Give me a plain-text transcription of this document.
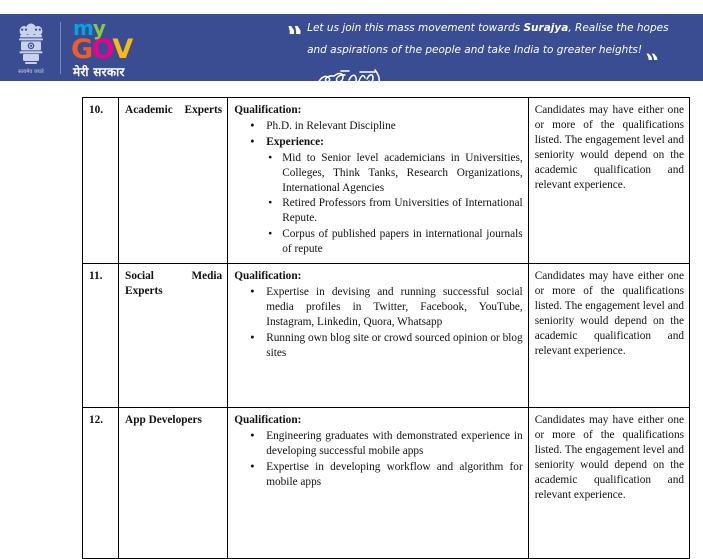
सत्यमेव जयते
my
GOV
मेरी सरकार
“ Let us join this mass movement towards Surajya, Realise the hopes and aspirations of the people and take India to greater heights! ”
10.	Academic Experts	Qualification:
● Ph.D. in Relevant Discipline
● Experience:
● Mid to Senior level academicians in Universities, Colleges, Think Tanks, Research Organizations, International Agencies
● Retired Professors from Universities of International Repute.
● Corpus of published papers in international journals of repute
	Candidates may have either one or more of the qualifications listed. The engagement level and seniority would depend on the academic qualification and relevant experience.
11.	Social Media Experts	
Qualification:
● Expertise in devising and running successful social media profiles in Twitter, Facebook, YouTube, Instagram, Linkedin, Quora, Whatsapp
● Running own blog site or crowd sourced opinion or blog sites
	Candidates may have either one or more of the qualifications listed. The engagement level and seniority would depend on the academic qualification and relevant experience.
12.	App Developers	Qualification:
● Engineering graduates with demonstrated experience in developing successful mobile apps
● Expertise in developing workflow and algorithm for mobile apps
	Candidates may have either one or more of the qualifications listed. The engagement level and seniority would depend on the academic qualification and relevant experience.
